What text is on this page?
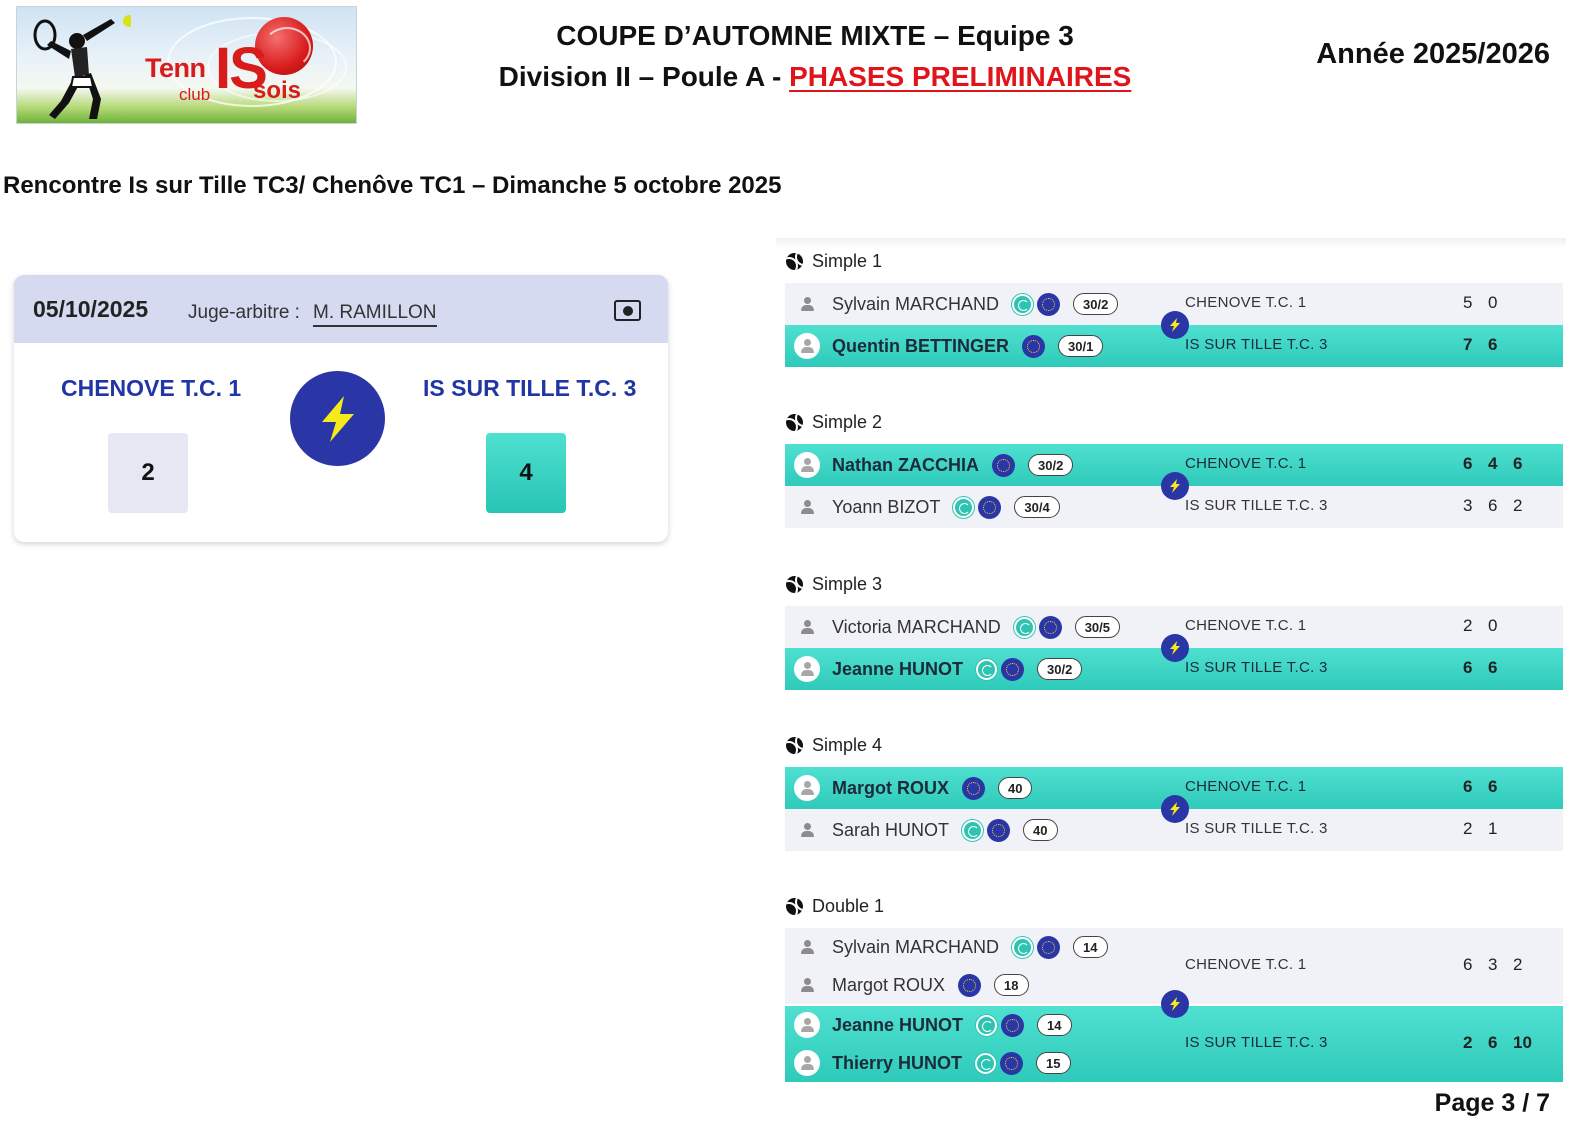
Tenn IS
club sois
COUPE D’AUTOMNE MIXTE – Equipe 3
Division II – Poule A - PHASES PRELIMINAIRES
Année 2025/2026
Rencontre Is sur Tille TC3/ Chenôve TC1 – Dimanche 5 octobre 2025
05/10/2025 Juge-arbitre : M. RAMILLON
CHENOVE T.C. 1	IS SUR TILLE T.C. 3
2	4
Simple 1
Sylvain MARCHAND	30/2	CHENOVE T.C. 1	5 0
Quentin BETTINGER	30/1	IS SUR TILLE T.C. 3	7 6
Simple 2
Nathan ZACCHIA	30/2	CHENOVE T.C. 1	6 4 6
Yoann BIZOT	30/4	IS SUR TILLE T.C. 3	3 6 2
Simple 3
Victoria MARCHAND	30/5	CHENOVE T.C. 1	2 0
Jeanne HUNOT	30/2	IS SUR TILLE T.C. 3	6 6
Simple 4
Margot ROUX	40	CHENOVE T.C. 1	6 6
Sarah HUNOT	40	IS SUR TILLE T.C. 3	2 1
Double 1
Sylvain MARCHAND	14
Margot ROUX	18
CHENOVE T.C. 1	6 3 2
Jeanne HUNOT	14
Thierry HUNOT	15
IS SUR TILLE T.C. 3	2 6 10
Page 3 / 7
